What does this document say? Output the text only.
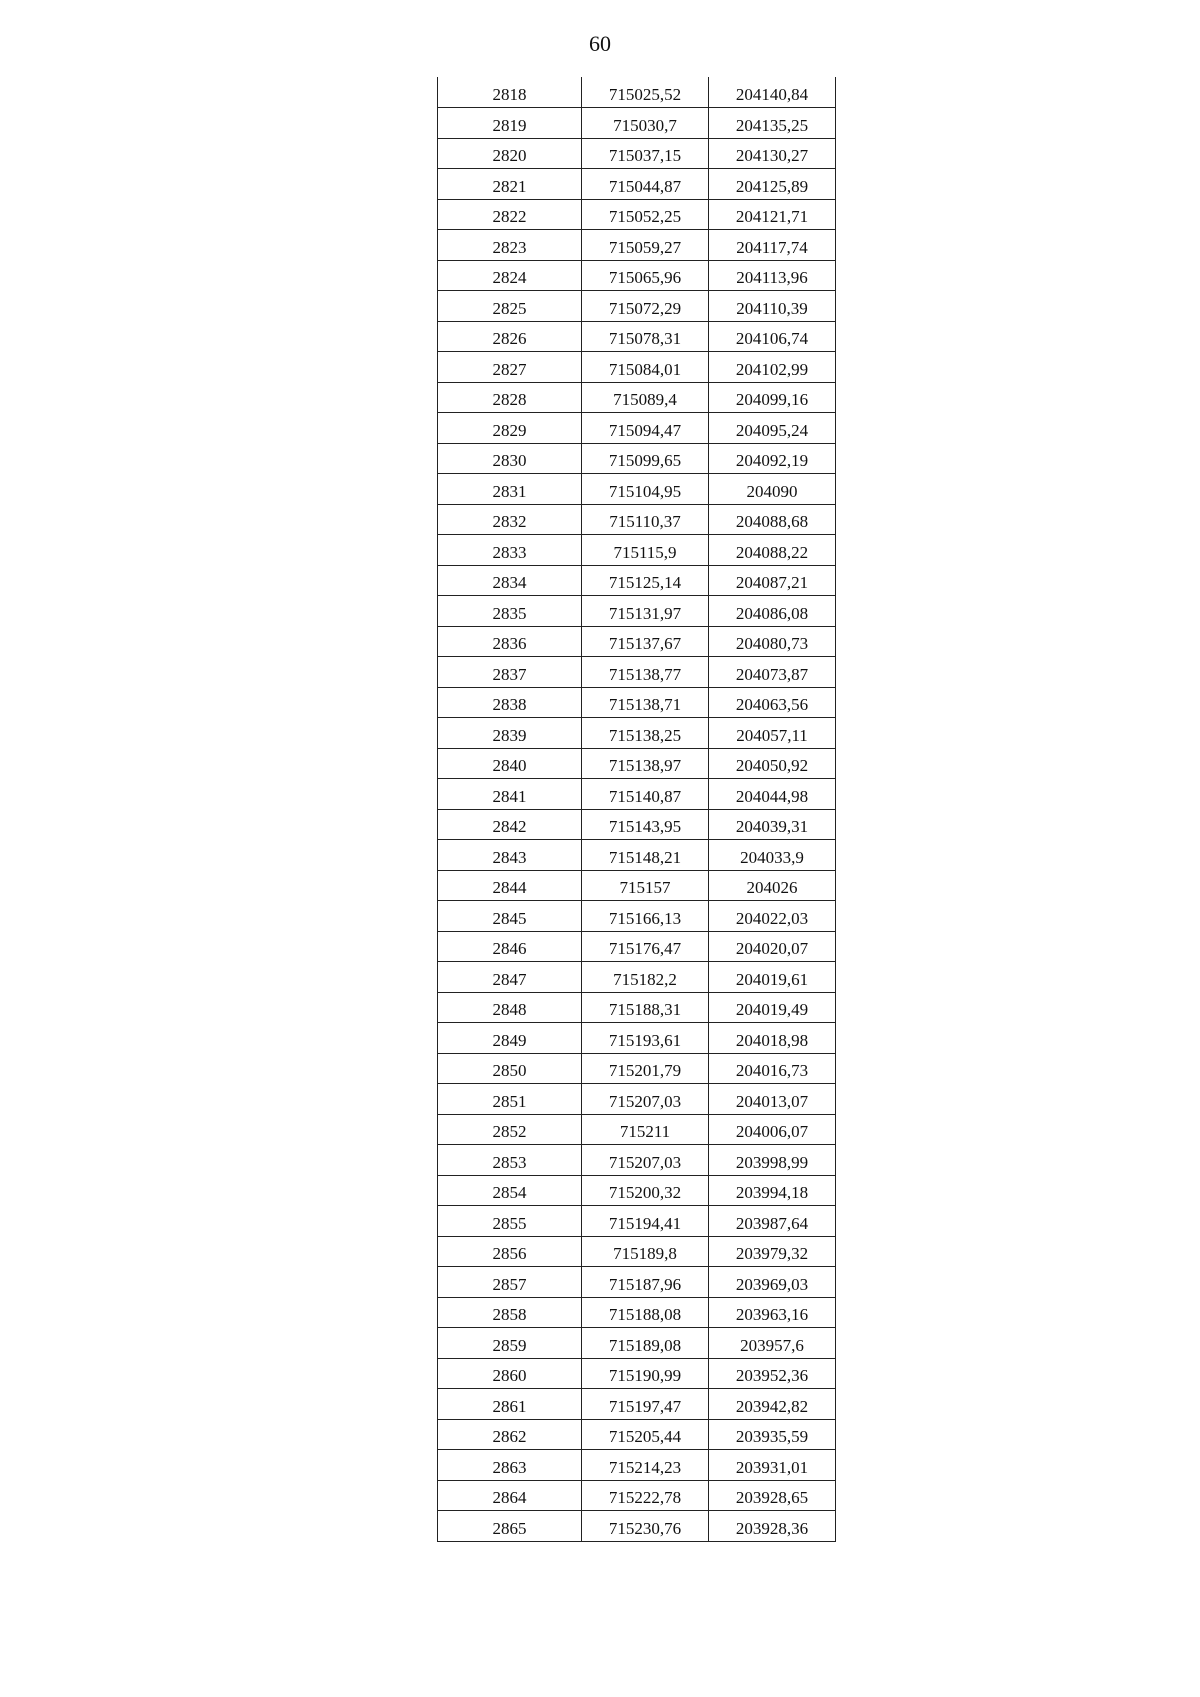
60
2818	715025,52	204140,84
2819	715030,7	204135,25
2820	715037,15	204130,27
2821	715044,87	204125,89
2822	715052,25	204121,71
2823	715059,27	204117,74
2824	715065,96	204113,96
2825	715072,29	204110,39
2826	715078,31	204106,74
2827	715084,01	204102,99
2828	715089,4	204099,16
2829	715094,47	204095,24
2830	715099,65	204092,19
2831	715104,95	204090
2832	715110,37	204088,68
2833	715115,9	204088,22
2834	715125,14	204087,21
2835	715131,97	204086,08
2836	715137,67	204080,73
2837	715138,77	204073,87
2838	715138,71	204063,56
2839	715138,25	204057,11
2840	715138,97	204050,92
2841	715140,87	204044,98
2842	715143,95	204039,31
2843	715148,21	204033,9
2844	715157	204026
2845	715166,13	204022,03
2846	715176,47	204020,07
2847	715182,2	204019,61
2848	715188,31	204019,49
2849	715193,61	204018,98
2850	715201,79	204016,73
2851	715207,03	204013,07
2852	715211	204006,07
2853	715207,03	203998,99
2854	715200,32	203994,18
2855	715194,41	203987,64
2856	715189,8	203979,32
2857	715187,96	203969,03
2858	715188,08	203963,16
2859	715189,08	203957,6
2860	715190,99	203952,36
2861	715197,47	203942,82
2862	715205,44	203935,59
2863	715214,23	203931,01
2864	715222,78	203928,65
2865	715230,76	203928,36
